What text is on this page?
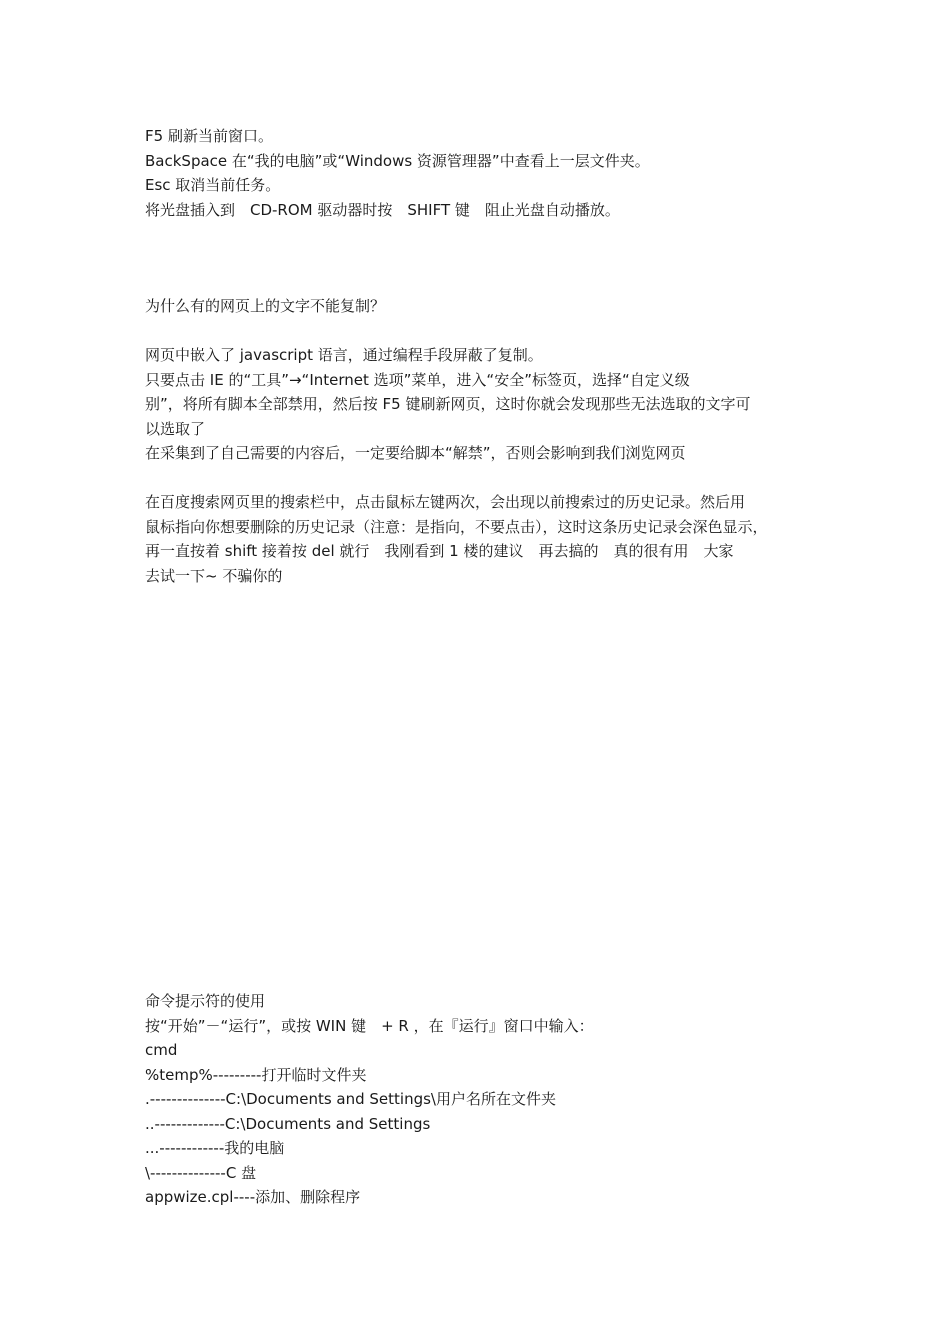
F5 刷新当前窗口。

BackSpace 在“我的电脑”或“Windows 资源管理器”中查看上一层文件夹。

Esc 取消当前任务。

将光盘插入到　CD-ROM 驱动器时按　SHIFT 键　阻止光盘自动播放。

为什么有的网页上的文字不能复制？

网页中嵌入了 javascript 语言，通过编程手段屏蔽了复制。

只要点击 IE 的“工具”→“Internet 选项”菜单，进入“安全”标签页，选择“自定义级

别”，将所有脚本全部禁用，然后按 F5 键刷新网页，这时你就会发现那些无法选取的文字可

以选取了

在采集到了自己需要的内容后，一定要给脚本“解禁”，否则会影响到我们浏览网页

在百度搜索网页里的搜索栏中，点击鼠标左键两次，会出现以前搜索过的历史记录。然后用

鼠标指向你想要删除的历史记录（注意：是指向，不要点击），这时这条历史记录会深色显示，

再一直按着 shift 接着按 del 就行　我刚看到 1 楼的建议　再去搞的　真的很有用　大家

去试一下~ 不骗你的

命令提示符的使用

按“开始”－“运行”，或按 WIN 键　+ R ，在『运行』窗口中输入：

cmd

%temp%---------打开临时文件夹

.--------------C:\Documents and Settings\用户名所在文件夹

..-------------C:\Documents and Settings

...------------我的电脑

\--------------C 盘

appwize.cpl----添加、删除程序
